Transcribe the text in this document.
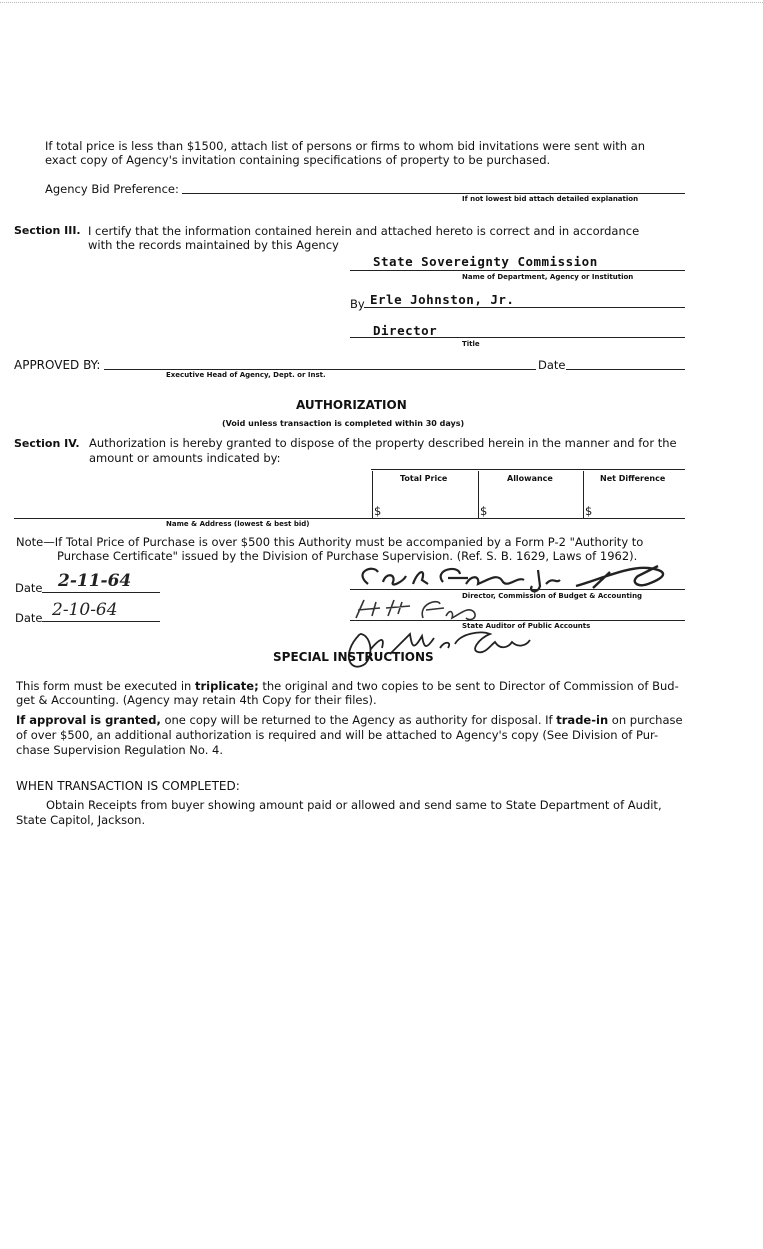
If total price is less than $1500, attach list of persons or firms to whom bid invitations were sent with an
exact copy of Agency's invitation containing specifications of property to be purchased.
Agency Bid Preference:
If not lowest bid attach detailed explanation
Section III. I certify that the information contained herein and attached hereto is correct and in accordance
with the records maintained by this Agency
State Sovereignty Commission
Name of Department, Agency or Institution
By Erle Johnston, Jr.
Director
Title
APPROVED BY:
Executive Head of Agency, Dept. or Inst.
Date
AUTHORIZATION
(Void unless transaction is completed within 30 days)
Section IV. Authorization is hereby granted to dispose of the property described herein in the manner and for the
amount or amounts indicated by:
Total Price	Allowance	Net Difference
$	$	$
Name & Address (lowest & best bid)
Note—If Total Price of Purchase is over $500 this Authority must be accompanied by a Form P-2 "Authority to
Purchase Certificate" issued by the Division of Purchase Supervision. (Ref. S. B. 1629, Laws of 1962).
Date 2-11-64
Date 2-10-64
Director, Commission of Budget & Accounting
State Auditor of Public Accounts
SPECIAL INSTRUCTIONS
This form must be executed in triplicate; the original and two copies to be sent to Director of Commission of Bud-
get & Accounting. (Agency may retain 4th Copy for their files).
If approval is granted, one copy will be returned to the Agency as authority for disposal. If trade-in on purchase
of over $500, an additional authorization is required and will be attached to Agency's copy (See Division of Pur-
chase Supervision Regulation No. 4.
WHEN TRANSACTION IS COMPLETED:
Obtain Receipts from buyer showing amount paid or allowed and send same to State Department of Audit,
State Capitol, Jackson.
